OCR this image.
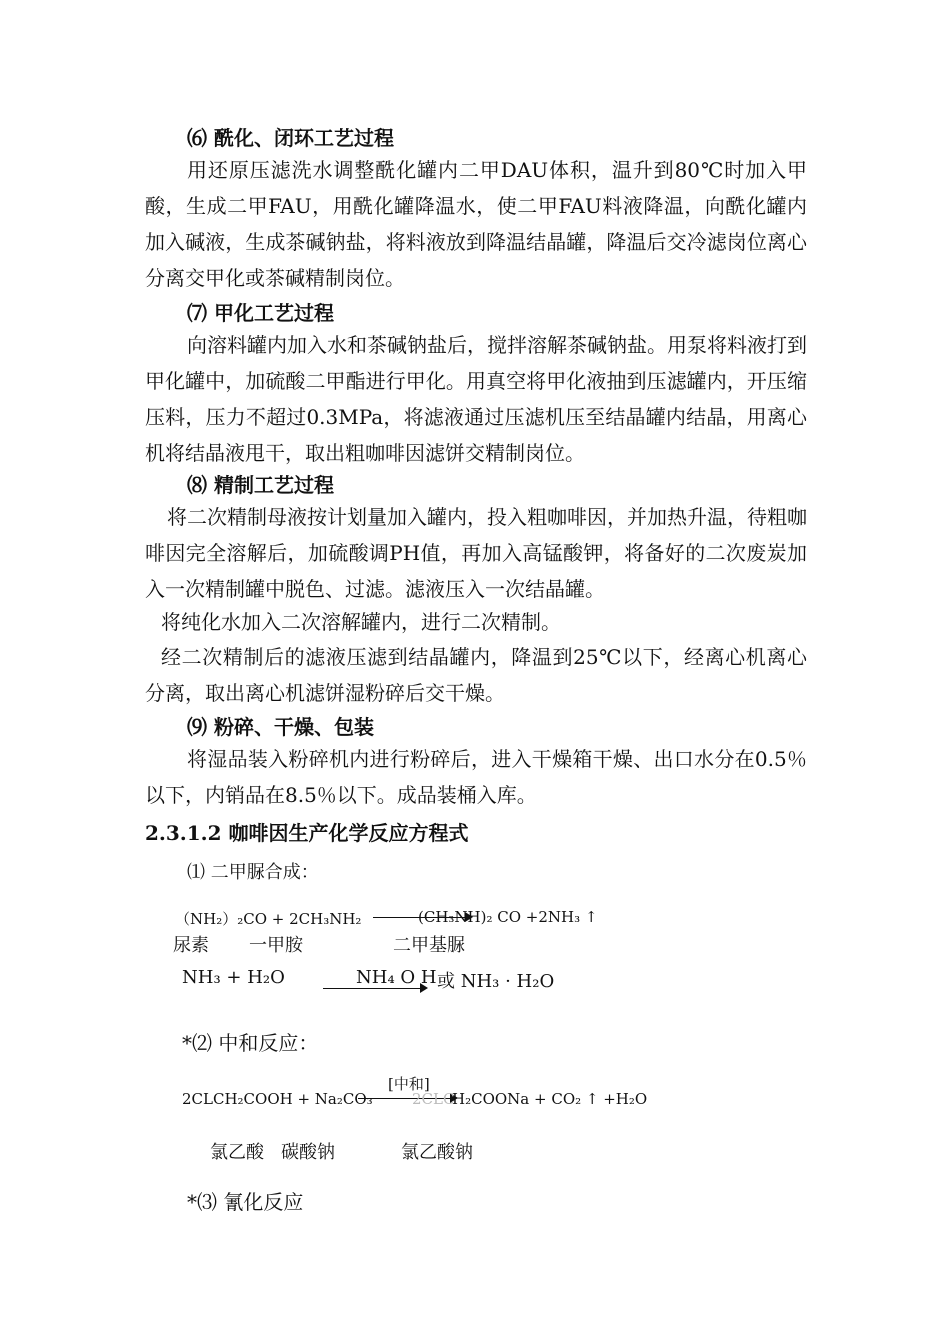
⑹ 酰化、闭环工艺过程
用还原压滤洗水调整酰化罐内二甲DAU体积，温升到80℃时加入甲酸，生成二甲FAU，用酰化罐降温水，使二甲FAU料液降温，向酰化罐内加入碱液，生成茶碱钠盐，将料液放到降温结晶罐，降温后交冷滤岗位离心分离交甲化或茶碱精制岗位。
⑺ 甲化工艺过程
向溶料罐内加入水和茶碱钠盐后，搅拌溶解茶碱钠盐。用泵将料液打到甲化罐中，加硫酸二甲酯进行甲化。用真空将甲化液抽到压滤罐内，开压缩压料，压力不超过0.3MPa，将滤液通过压滤机压至结晶罐内结晶，用离心机将结晶液甩干，取出粗咖啡因滤饼交精制岗位。
⑻ 精制工艺过程
将二次精制母液按计划量加入罐内，投入粗咖啡因，并加热升温，待粗咖啡因完全溶解后，加硫酸调PH值，再加入高锰酸钾，将备好的二次废炭加入一次精制罐中脱色、过滤。滤液压入一次结晶罐。
将纯化水加入二次溶解罐内，进行二次精制。
经二次精制后的滤液压滤到结晶罐内，降温到25℃以下，经离心机离心分离，取出离心机滤饼湿粉碎后交干燥。
⑼ 粉碎、干燥、包装
将湿品装入粉碎机内进行粉碎后，进入干燥箱干燥、出口水分在0.5％以下，内销品在8.5％以下。成品装桶入库。
2.3.1.2 咖啡因生产化学反应方程式
⑴ 二甲脲合成：
（NH₂）₂CO + 2CH₃NH₂	(CH₃NH)₂ CO +2NH₃ ↑
尿素 一甲胺	二甲基脲
NH₃ + H₂O	NH₄ O H 或 NH₃ · H₂O
*⑵ 中和反应：
[中和]
2CLCH₂COOH + Na₂CO₃	2CLC
H₂COONa + CO₂ ↑ +H₂O
氯乙酸 碳酸钠	氯乙酸钠
*⑶ 氰化反应
